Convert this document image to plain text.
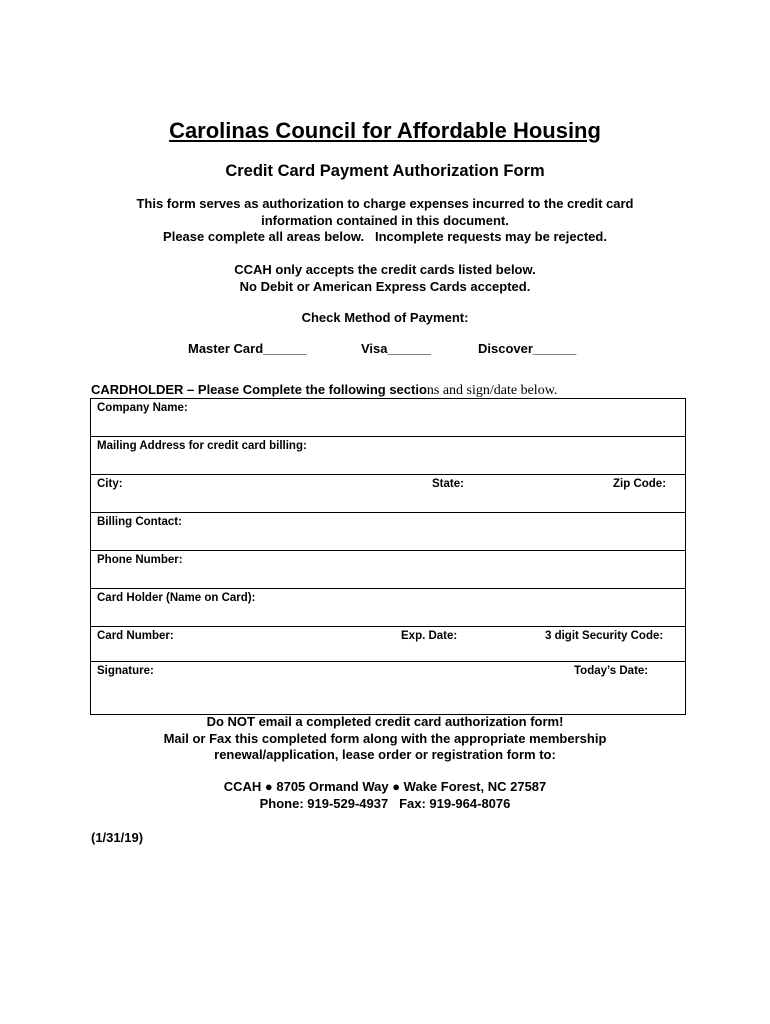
Carolinas Council for Affordable Housing
Credit Card Payment Authorization Form
This form serves as authorization to charge expenses incurred to the credit card
information contained in this document.
Please complete all areas below.   Incomplete requests may be rejected.
CCAH only accepts the credit cards listed below.
No Debit or American Express Cards accepted.
Check Method of Payment:
Master Card______	Visa______	Discover______
CARDHOLDER – Please Complete the following sections and sign/date below.
Company Name:
Mailing Address for credit card billing:
City:	State:	Zip Code:
Billing Contact:
Phone Number:
Card Holder (Name on Card):
Card Number:	Exp. Date:	3 digit Security Code:
Signature:	Today’s Date:
Do NOT email a completed credit card authorization form!
Mail or Fax this completed form along with the appropriate membership
renewal/application, lease order or registration form to:
CCAH ● 8705 Ormand Way ● Wake Forest, NC 27587
Phone: 919-529-4937   Fax: 919-964-8076
(1/31/19)
